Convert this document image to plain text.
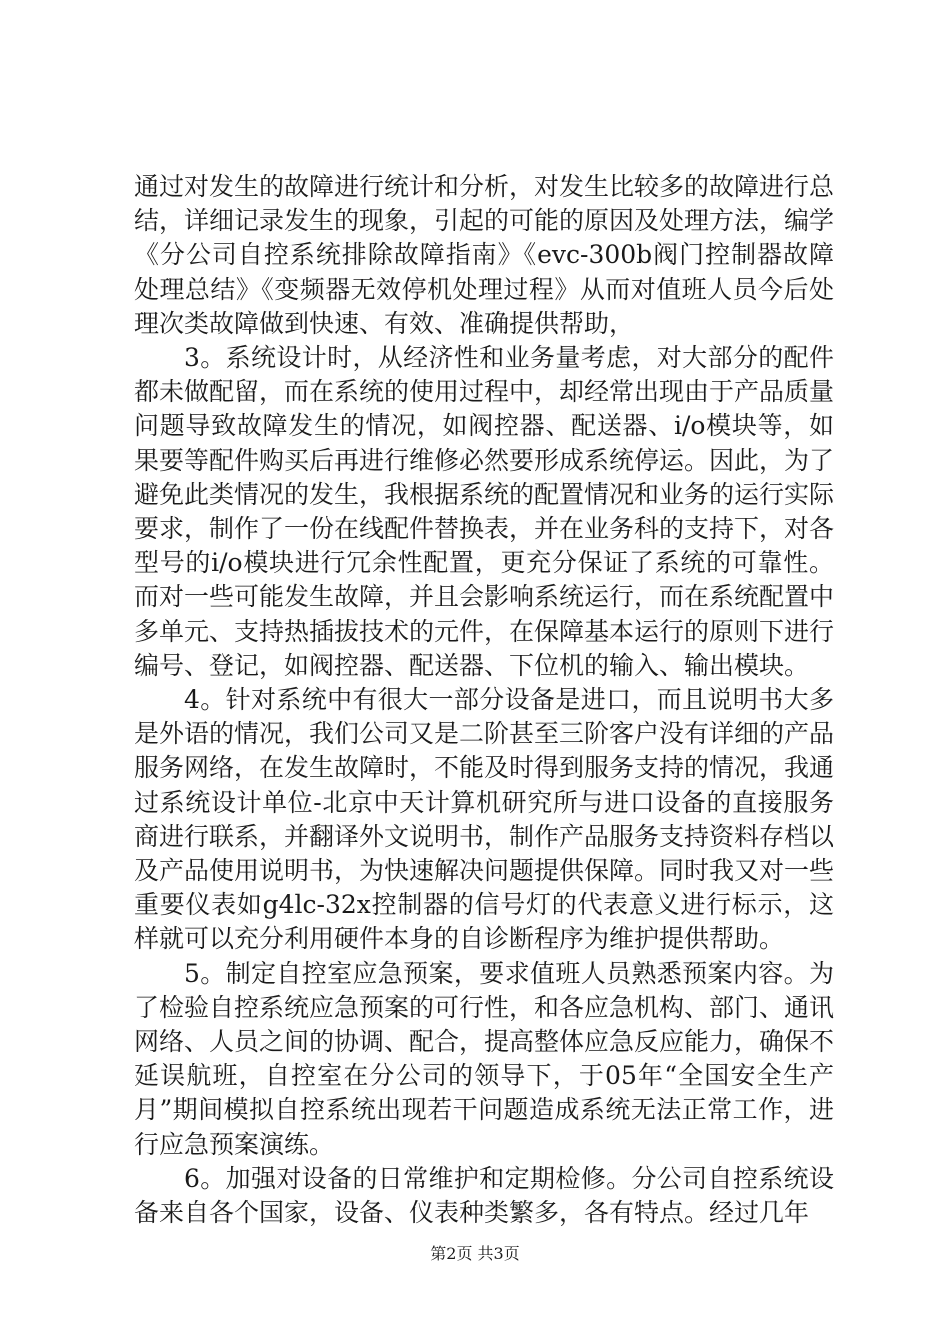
通过对发生的故障进行统计和分析，对发生比较多的故障进行总结，详细记录发生的现象，引起的可能的原因及处理方法，编学《分公司自控系统排除故障指南》《evc-300b阀门控制器故障处理总结》《变频器无效停机处理过程》从而对值班人员今后处理次类故障做到快速、有效、准确提供帮助，

3。系统设计时，从经济性和业务量考虑，对大部分的配件都未做配留，而在系统的使用过程中，却经常出现由于产品质量问题导致故障发生的情况，如阀控器、配送器、i/o模块等，如果要等配件购买后再进行维修必然要形成系统停运。因此，为了避免此类情况的发生，我根据系统的配置情况和业务的运行实际要求，制作了一份在线配件替换表，并在业务科的支持下，对各型号的i/o模块进行冗余性配置，更充分保证了系统的可靠性。而对一些可能发生故障，并且会影响系统运行，而在系统配置中多单元、支持热插拔技术的元件，在保障基本运行的原则下进行编号、登记，如阀控器、配送器、下位机的输入、输出模块。

4。针对系统中有很大一部分设备是进口，而且说明书大多是外语的情况，我们公司又是二阶甚至三阶客户没有详细的产品服务网络，在发生故障时，不能及时得到服务支持的情况，我通过系统设计单位-北京中天计算机研究所与进口设备的直接服务商进行联系，并翻译外文说明书，制作产品服务支持资料存档以及产品使用说明书，为快速解决问题提供保障。同时我又对一些重要仪表如g4lc-32x控制器的信号灯的代表意义进行标示，这样就可以充分利用硬件本身的自诊断程序为维护提供帮助。

5。制定自控室应急预案，要求值班人员熟悉预案内容。为了检验自控系统应急预案的可行性，和各应急机构、部门、通讯网络、人员之间的协调、配合，提高整体应急反应能力，确保不延误航班，自控室在分公司的领导下，于05年“全国安全生产月”期间模拟自控系统出现若干问题造成系统无法正常工作，进行应急预案演练。

6。加强对设备的日常维护和定期检修。分公司自控系统设备来自各个国家，设备、仪表种类繁多，各有特点。经过几年

第2页 共3页
